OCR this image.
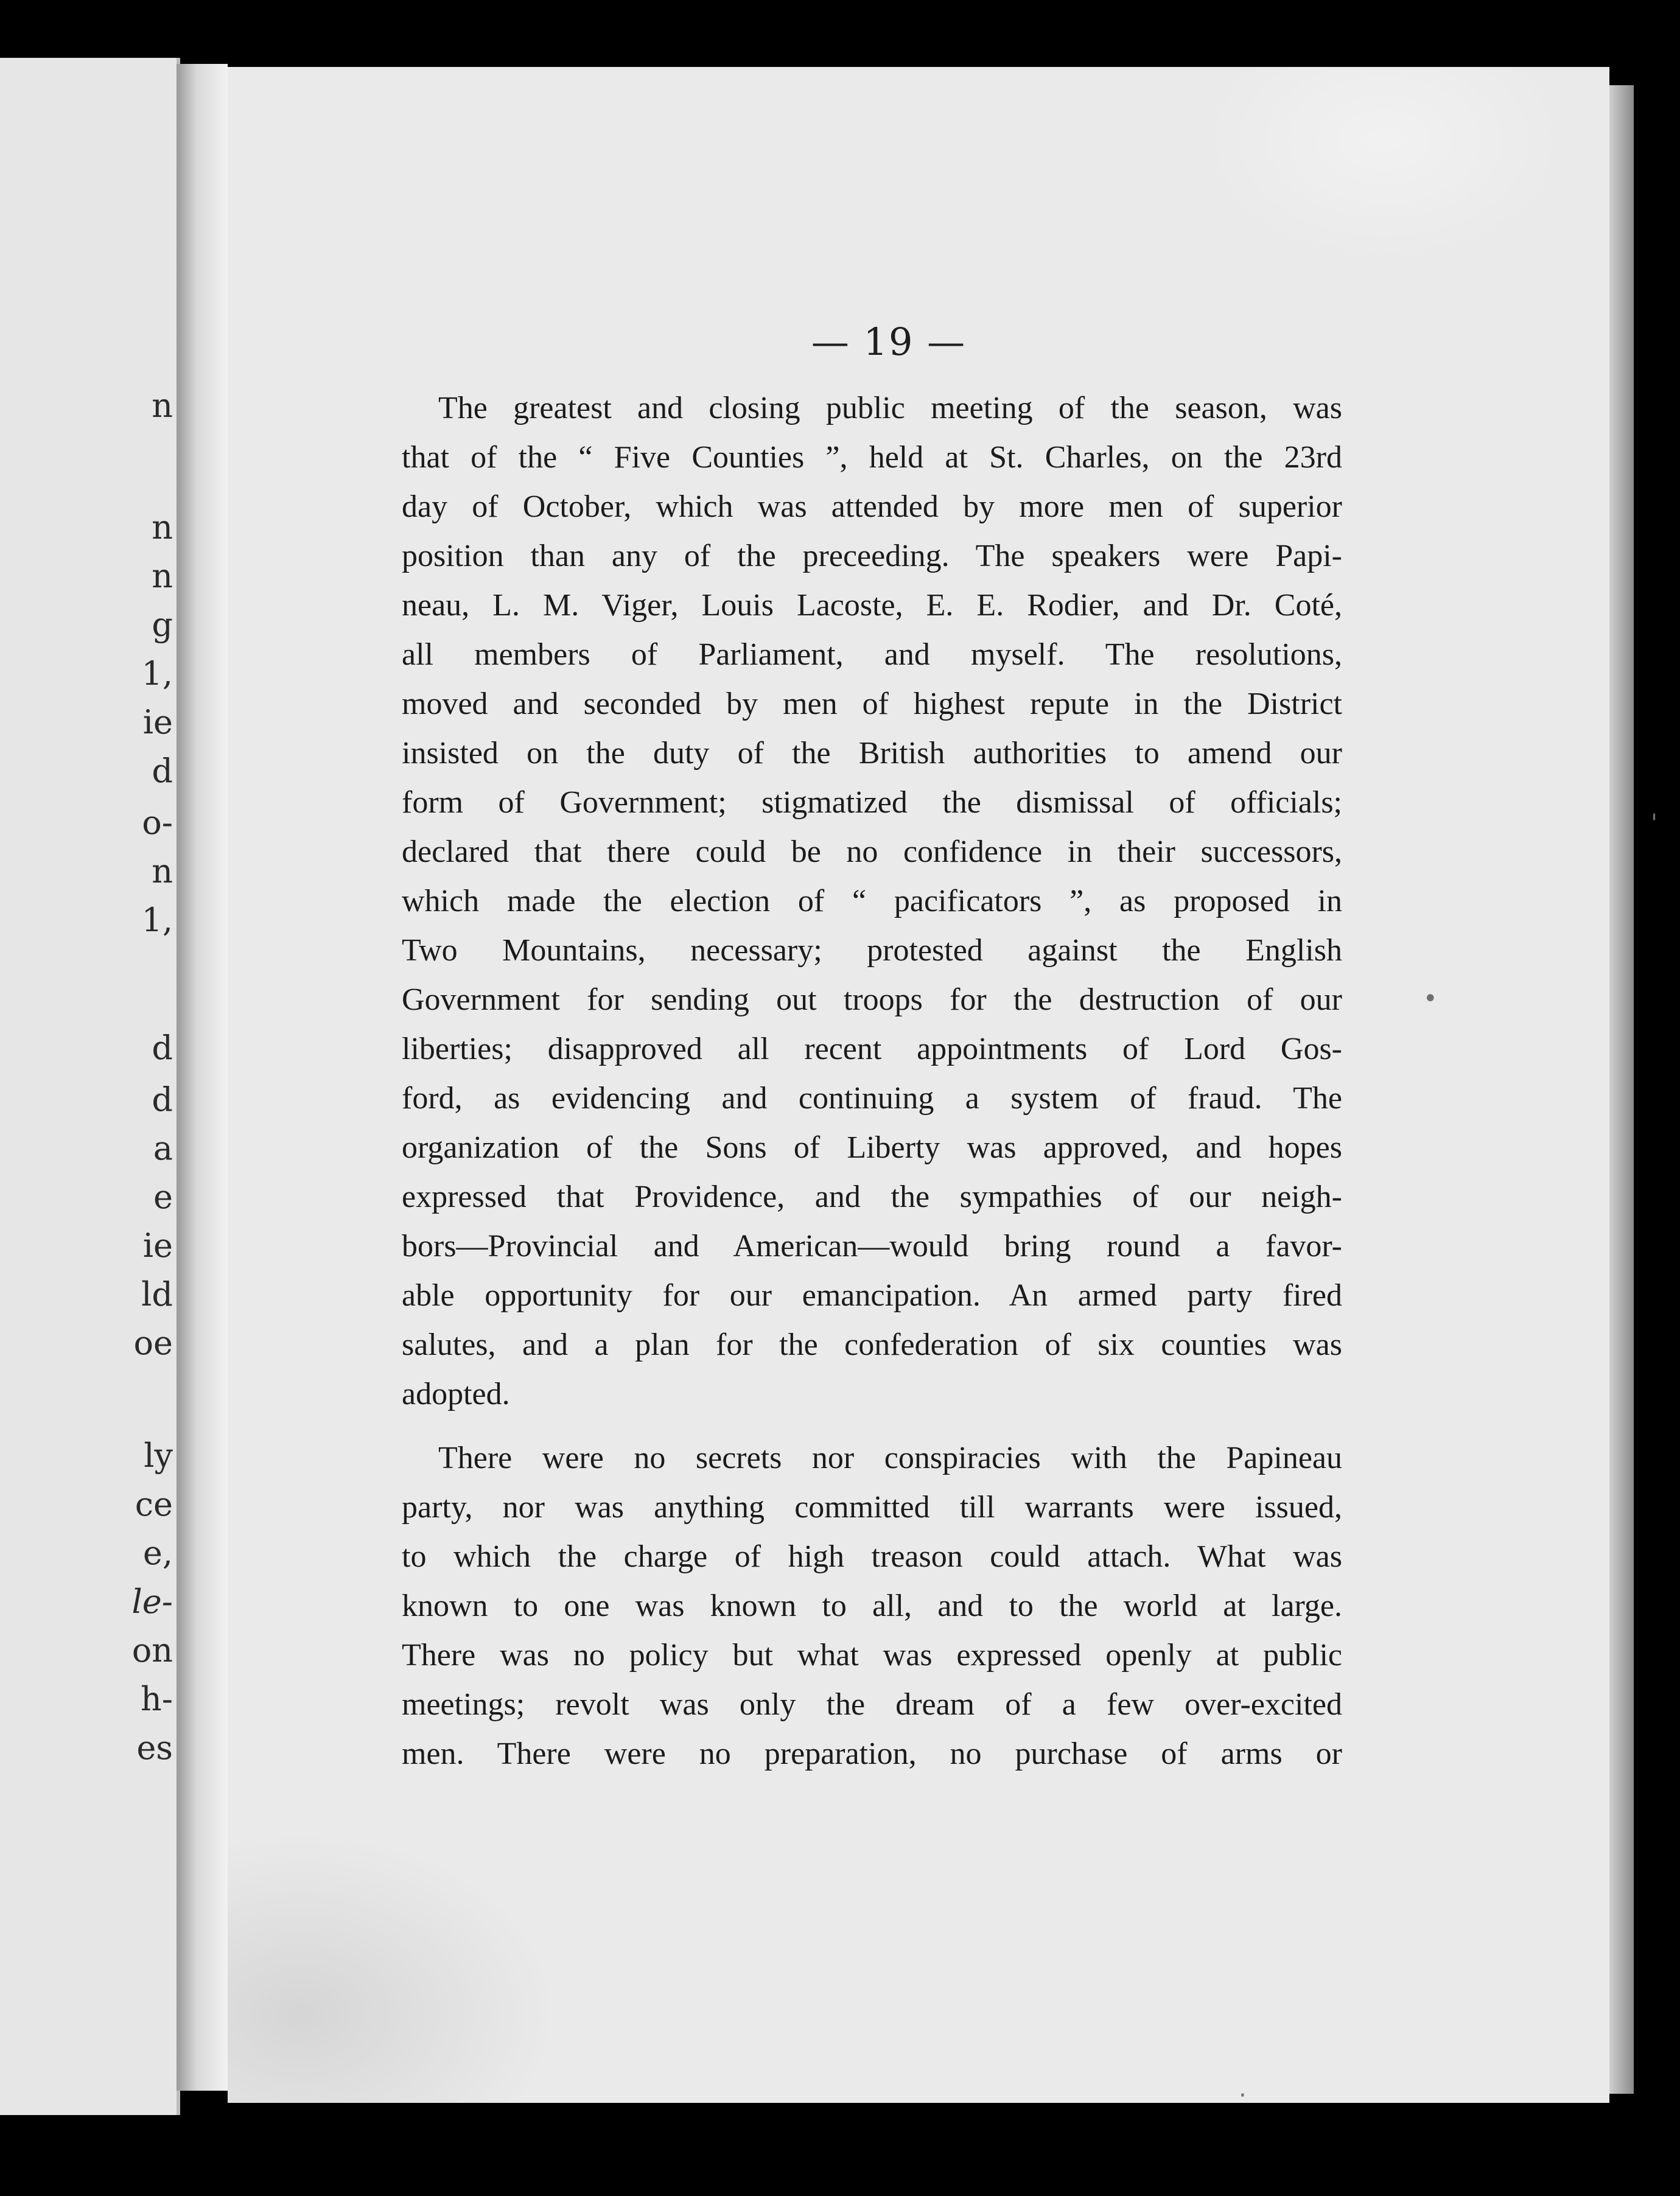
n
n
n
g
1,
ie
d
o-
n
1,
d
d
a
e
ie
ld
oe
ly
ce
e,
le-
on
h-
es
— 19 —
The greatest and closing public meeting of the season, was
that of the “ Five Counties ”, held at St. Charles, on the 23rd
day of October, which was attended by more men of superior
position than any of the preceeding. The speakers were Papi-
neau, L. M. Viger, Louis Lacoste, E. E. Rodier, and Dr. Coté,
all members of Parliament, and myself. The resolutions,
moved and seconded by men of highest repute in the District
insisted on the duty of the British authorities to amend our
form of Government; stigmatized the dismissal of officials;
declared that there could be no confidence in their successors,
which made the election of “ pacificators ”, as proposed in
Two Mountains, necessary; protested against the English
Government for sending out troops for the destruction of our
liberties; disapproved all recent appointments of Lord Gos-
ford, as evidencing and continuing a system of fraud. The
organization of the Sons of Liberty was approved, and hopes
expressed that Providence, and the sympathies of our neigh-
bors—Provincial and American—would bring round a favor-
able opportunity for our emancipation. An armed party fired
salutes, and a plan for the confederation of six counties was
adopted.
There were no secrets nor conspiracies with the Papineau
party, nor was anything committed till warrants were issued,
to which the charge of high treason could attach. What was
known to one was known to all, and to the world at large.
There was no policy but what was expressed openly at public
meetings; revolt was only the dream of a few over-excited
men. There were no preparation, no purchase of arms or
•
'
·
